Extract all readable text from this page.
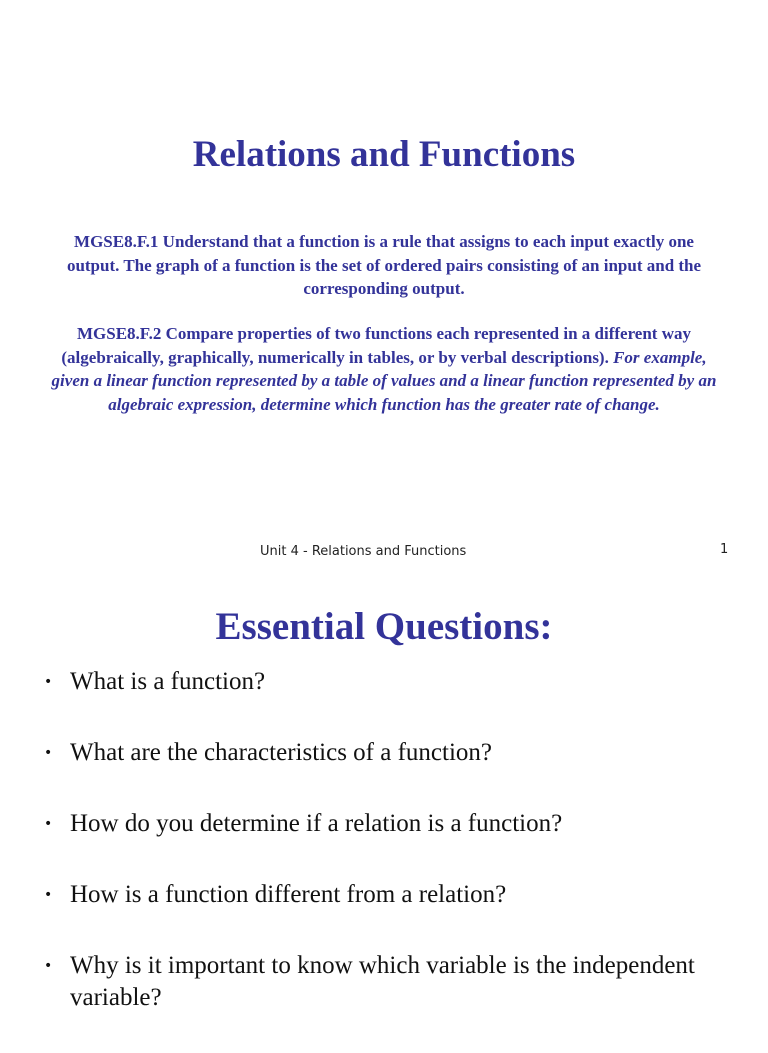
Relations and Functions

MGSE8.F.1 Understand that a function is a rule that assigns to each input exactly one output. The graph of a function is the set of ordered pairs consisting of an input and the corresponding output.

MGSE8.F.2 Compare properties of two functions each represented in a different way (algebraically, graphically, numerically in tables, or by verbal descriptions). For example, given a linear function represented by a table of values and a linear function represented by an algebraic expression, determine which function has the greater rate of change.

Unit 4 - Relations and Functions	1
Essential Questions:
• What is a function?
• What are the characteristics of a function?
• How do you determine if a relation is a function?
• How is a function different from a relation?
• Why is it important to know which variable is the independent variable?
